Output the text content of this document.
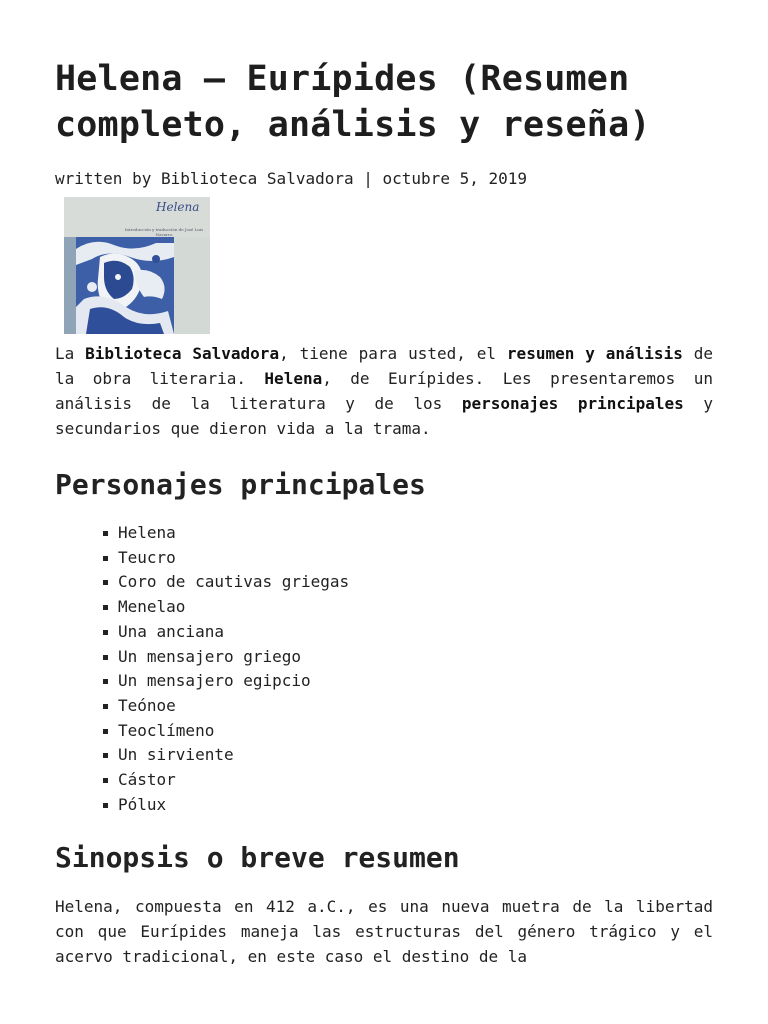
Helena – Eurípides (Resumen completo, análisis y reseña)
written by Biblioteca Salvadora | octubre 5, 2019
Helena
Introducción y traducción de José Luis Navarro

La Biblioteca Salvadora, tiene para usted, el resumen y análisis de la obra literaria. Helena, de Eurípides. Les presentaremos un análisis de la literatura y de los personajes principales y secundarios que dieron vida a la trama.

Personajes principales
Helena
Teucro
Coro de cautivas griegas
Menelao
Una anciana
Un mensajero griego
Un mensajero egipcio
Teónoe
Teoclímeno
Un sirviente
Cástor
Pólux
Sinopsis o breve resumen

Helena, compuesta en 412 a.C., es una nueva muetra de la libertad con que Eurípides maneja las estructuras del género trágico y el acervo tradicional, en este caso el destino de la
